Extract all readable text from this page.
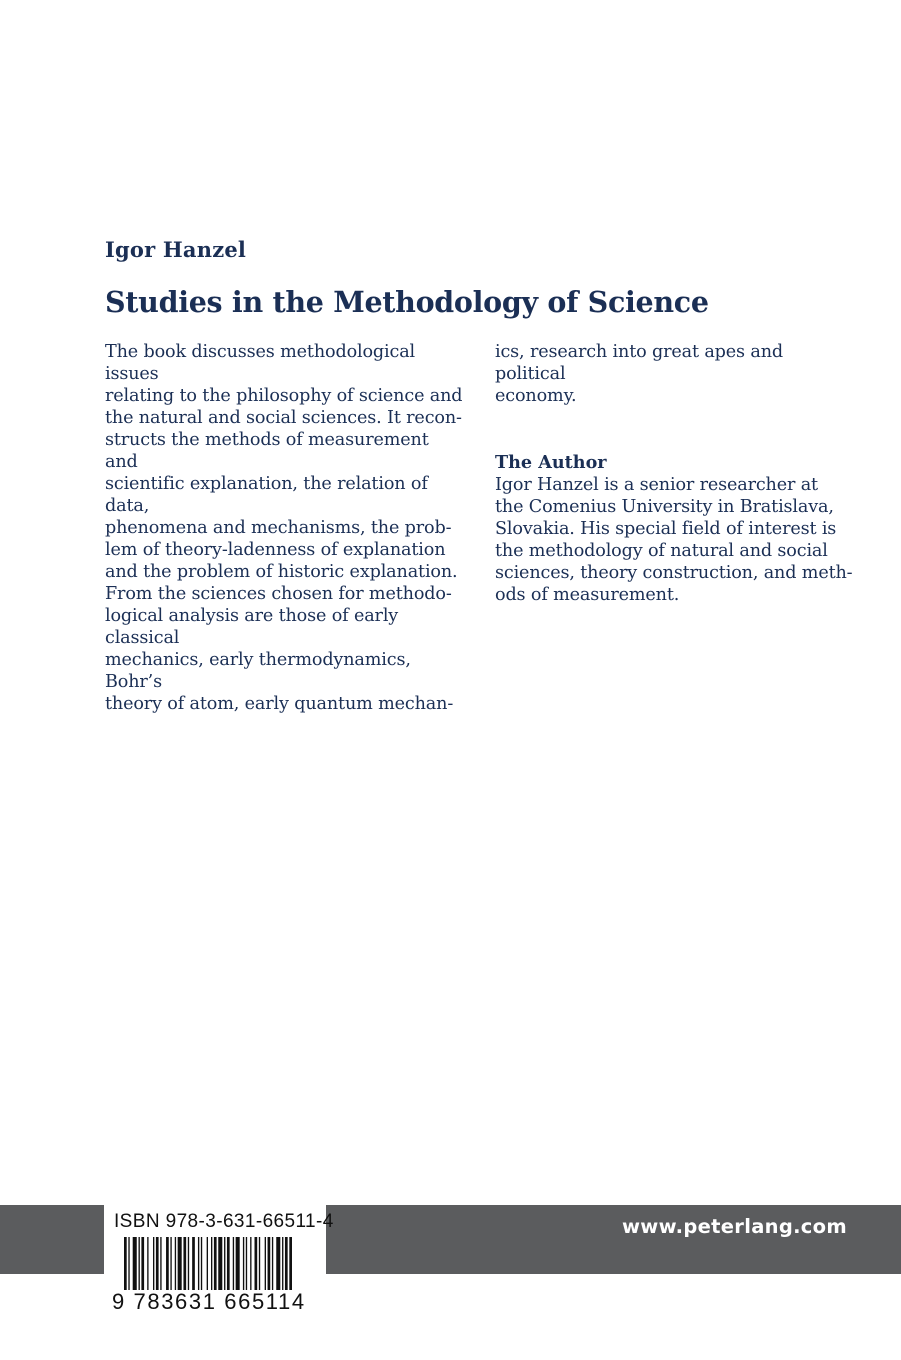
Igor Hanzel
Studies in the Methodology of Science
The book discusses methodological issues
relating to the philosophy of science and
the natural and social sciences. It recon-
structs the methods of measurement and
scientific explanation, the relation of data,
phenomena and mechanisms, the prob-
lem of theory-ladenness of explanation
and the problem of historic explanation.
From the sciences chosen for methodo-
logical analysis are those of early classical
mechanics, early thermodynamics, Bohr’s
theory of atom, early quantum mechan-
ics, research into great apes and political
economy.
The Author
Igor Hanzel is a senior researcher at
the Comenius University in Bratislava,
Slovakia. His special field of interest is
the methodology of natural and social
sciences, theory construction, and meth-
ods of measurement.
www.peterlang.com
ISBN 978-3-631-66511-4
9 783631 665114
